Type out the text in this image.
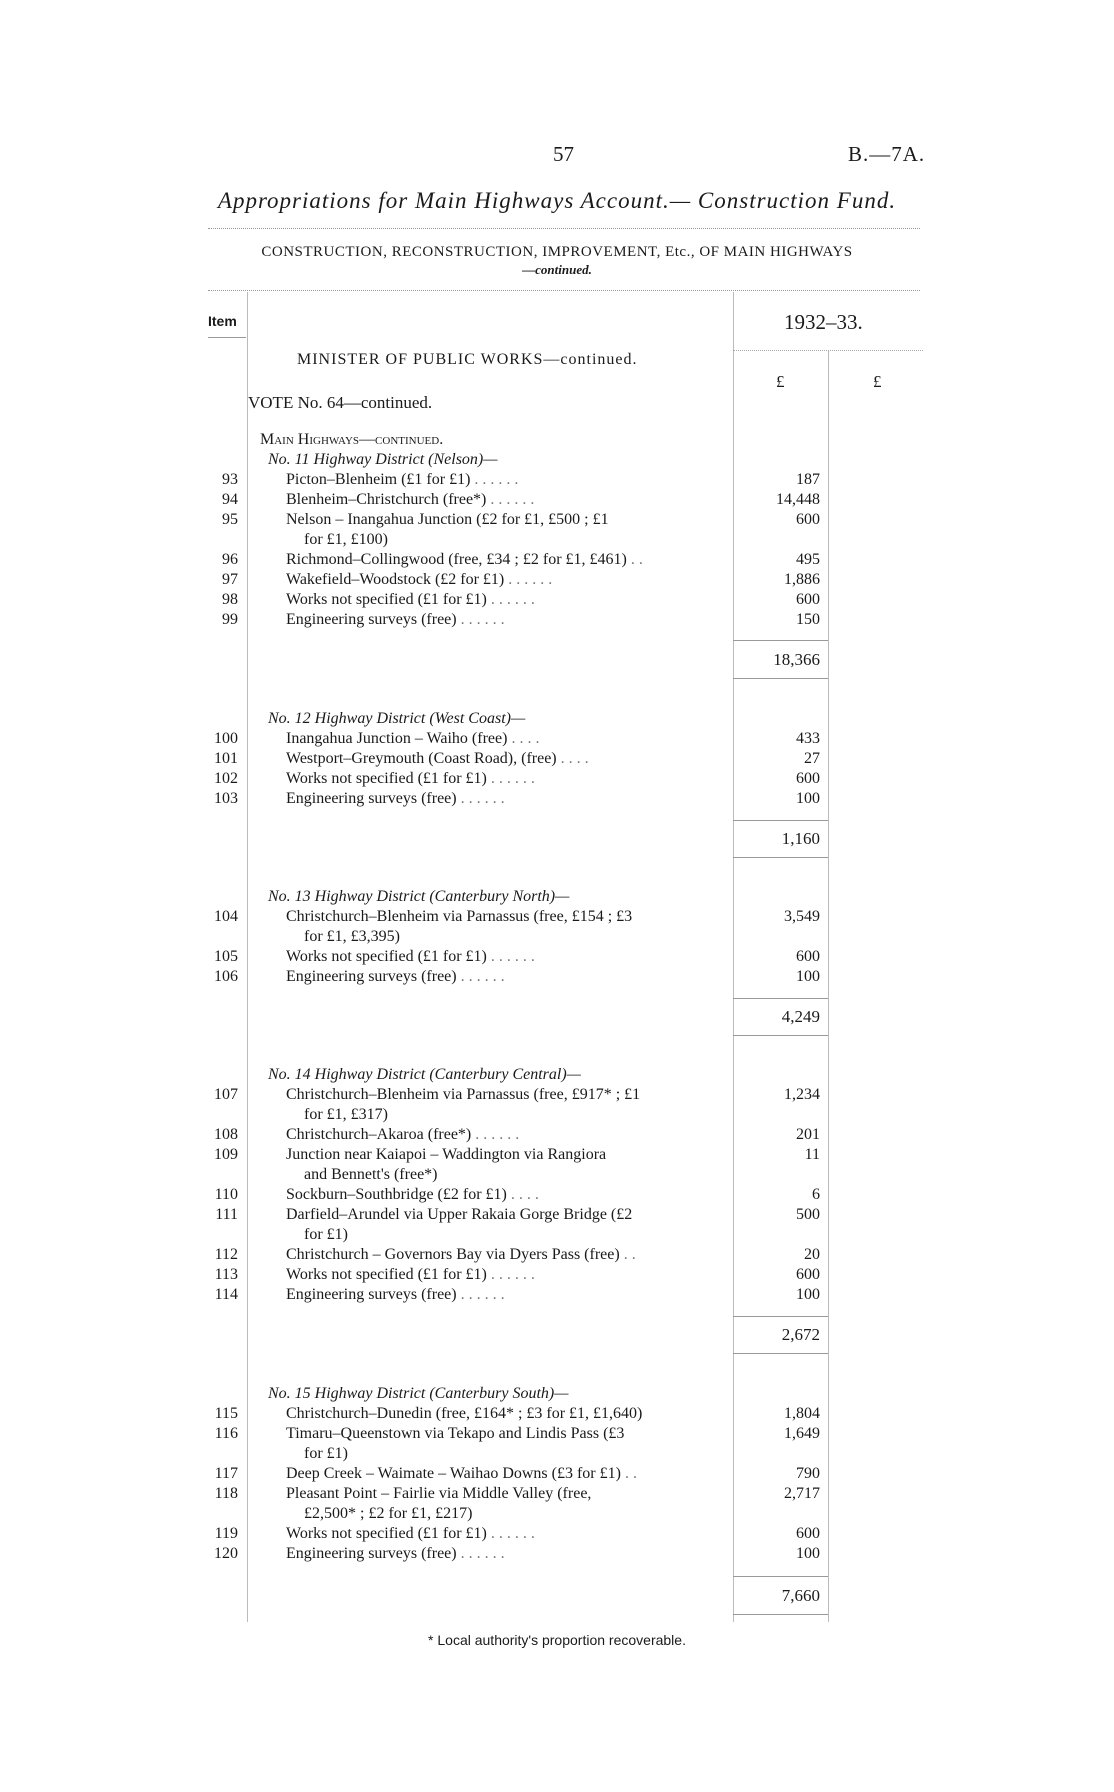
57	B.—7A.
Appropriations for Main Highways Account.— Construction Fund.
CONSTRUCTION, RECONSTRUCTION, IMPROVEMENT, Etc., OF MAIN HIGHWAYS
—continued.
Item	1932–33.
£	£
MINISTER OF PUBLIC WORKS—continued.
VOTE No. 64—continued.
Main Highways—continued.
No. 11 Highway District (Nelson)—
93	Picton–Blenheim (£1 for £1) . . . . . .	187
94	Blenheim–Christchurch (free*) . . . . . .	14,448
95	Nelson – Inangahua Junction (£2 for £1, £500 ; £1	600
for £1, £100)
96	Richmond–Collingwood (free, £34 ; £2 for £1, £461) . .	495
97	Wakefield–Woodstock (£2 for £1) . . . . . .	1,886
98	Works not specified (£1 for £1) . . . . . .	600
99	Engineering surveys (free) . . . . . .	150
18,366
No. 12 Highway District (West Coast)—
100	Inangahua Junction – Waiho (free) . . . .	433
101	Westport–Greymouth (Coast Road), (free) . . . .	27
102	Works not specified (£1 for £1) . . . . . .	600
103	Engineering surveys (free) . . . . . .	100
1,160
No. 13 Highway District (Canterbury North)—
104	Christchurch–Blenheim via Parnassus (free, £154 ; £3	3,549
for £1, £3,395)
105	Works not specified (£1 for £1) . . . . . .	600
106	Engineering surveys (free) . . . . . .	100
4,249
No. 14 Highway District (Canterbury Central)—
107	Christchurch–Blenheim via Parnassus (free, £917* ; £1	1,234
for £1, £317)
108	Christchurch–Akaroa (free*) . . . . . .	201
109	Junction near Kaiapoi – Waddington via Rangiora	11
and Bennett's (free*)
110	Sockburn–Southbridge (£2 for £1) . . . .	6
111	Darfield–Arundel via Upper Rakaia Gorge Bridge (£2	500
for £1)
112	Christchurch – Governors Bay via Dyers Pass (free) . .	20
113	Works not specified (£1 for £1) . . . . . .	600
114	Engineering surveys (free) . . . . . .	100
2,672
No. 15 Highway District (Canterbury South)—
115	Christchurch–Dunedin (free, £164* ; £3 for £1, £1,640)	1,804
116	Timaru–Queenstown via Tekapo and Lindis Pass (£3	1,649
for £1)
117	Deep Creek – Waimate – Waihao Downs (£3 for £1) . .	790
118	Pleasant Point – Fairlie via Middle Valley (free,	2,717
£2,500* ; £2 for £1, £217)
119	Works not specified (£1 for £1) . . . . . .	600
120	Engineering surveys (free) . . . . . .	100
7,660
* Local authority's proportion recoverable.
